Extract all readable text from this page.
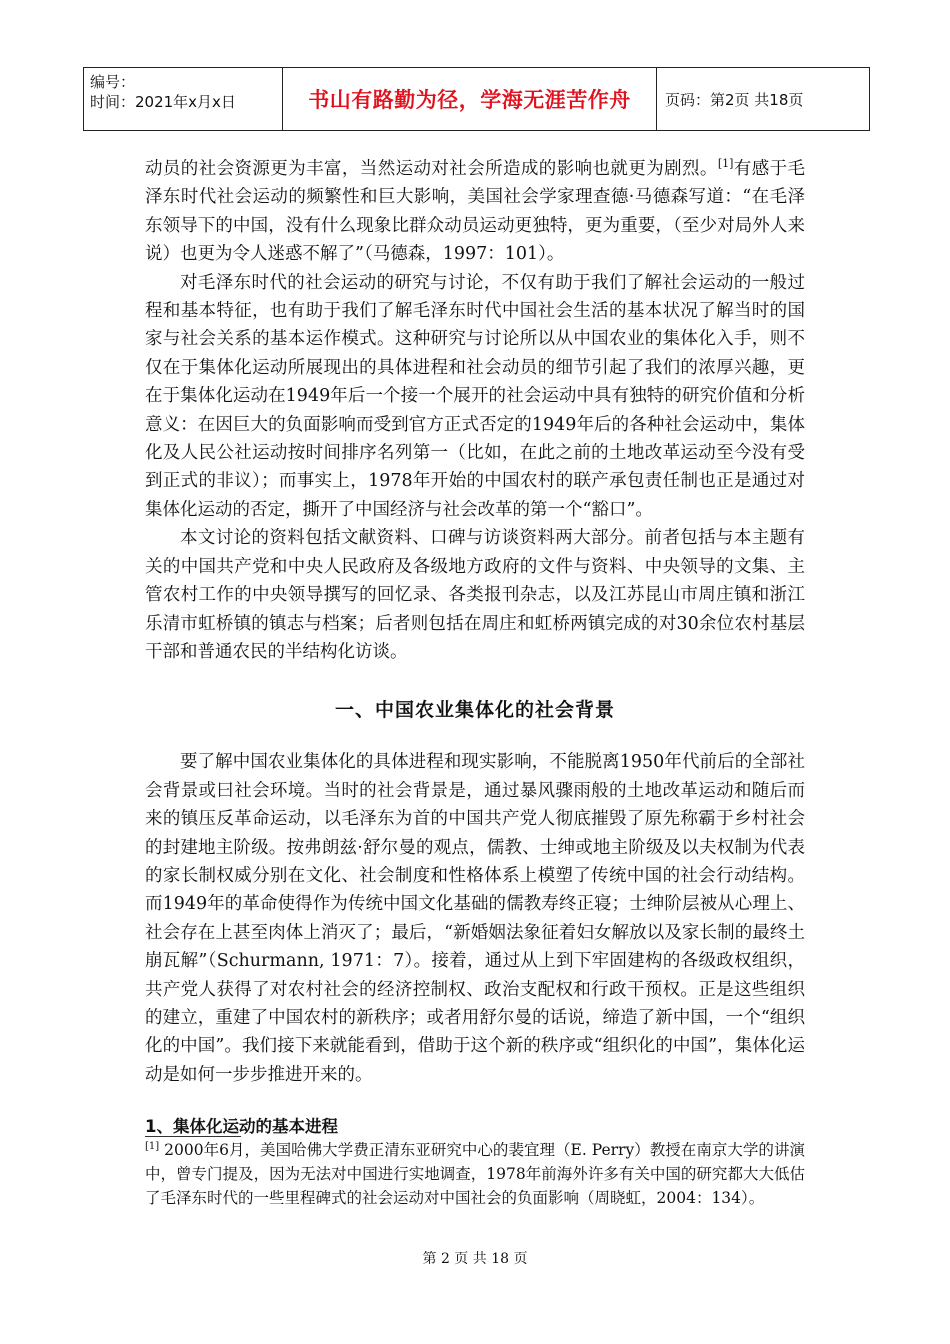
编号：
时间：2021年x月x日	书山有路勤为径，学海无涯苦作舟	页码：第2页 共18页

动员的社会资源更为丰富，当然运动对社会所造成的影响也就更为剧烈。[1]有感于毛泽东时代社会运动的频繁性和巨大影响，美国社会学家理查德·马德森写道：“在毛泽东领导下的中国，没有什么现象比群众动员运动更独特，更为重要，（至少对局外人来说）也更为令人迷惑不解了”（马德森，1997：101）。

对毛泽东时代的社会运动的研究与讨论，不仅有助于我们了解社会运动的一般过程和基本特征，也有助于我们了解毛泽东时代中国社会生活的基本状况了解当时的国家与社会关系的基本运作模式。这种研究与讨论所以从中国农业的集体化入手，则不仅在于集体化运动所展现出的具体进程和社会动员的细节引起了我们的浓厚兴趣，更在于集体化运动在1949年后一个接一个展开的社会运动中具有独特的研究价值和分析意义：在因巨大的负面影响而受到官方正式否定的1949年后的各种社会运动中，集体化及人民公社运动按时间排序名列第一（比如，在此之前的土地改革运动至今没有受到正式的非议）；而事实上，1978年开始的中国农村的联产承包责任制也正是通过对集体化运动的否定，撕开了中国经济与社会改革的第一个“豁口”。

本文讨论的资料包括文献资料、口碑与访谈资料两大部分。前者包括与本主题有关的中国共产党和中央人民政府及各级地方政府的文件与资料、中央领导的文集、主管农村工作的中央领导撰写的回忆录、各类报刊杂志，以及江苏昆山市周庄镇和浙江乐清市虹桥镇的镇志与档案；后者则包括在周庄和虹桥两镇完成的对30余位农村基层干部和普通农民的半结构化访谈。

一、中国农业集体化的社会背景

要了解中国农业集体化的具体进程和现实影响，不能脱离1950年代前后的全部社会背景或曰社会环境。当时的社会背景是，通过暴风骤雨般的土地改革运动和随后而来的镇压反革命运动，以毛泽东为首的中国共产党人彻底摧毁了原先称霸于乡村社会的封建地主阶级。按弗朗兹·舒尔曼的观点，儒教、士绅或地主阶级及以夫权制为代表的家长制权威分别在文化、社会制度和性格体系上模塑了传统中国的社会行动结构。而1949年的革命使得作为传统中国文化基础的儒教寿终正寝；士绅阶层被从心理上、社会存在上甚至肉体上消灭了；最后，“新婚姻法象征着妇女解放以及家长制的最终土崩瓦解”（Schurmann, 1971：7）。接着，通过从上到下牢固建构的各级政权组织，共产党人获得了对农村社会的经济控制权、政治支配权和行政干预权。正是这些组织的建立，重建了中国农村的新秩序；或者用舒尔曼的话说，缔造了新中国，一个“组织化的中国”。我们接下来就能看到，借助于这个新的秩序或“组织化的中国”，集体化运动是如何一步步推进开来的。

1、集体化运动的基本进程
[1] 2000年6月，美国哈佛大学费正清东亚研究中心的裴宜理（E. Perry）教授在南京大学的讲演中，曾专门提及，因为无法对中国进行实地调查，1978年前海外许多有关中国的研究都大大低估了毛泽东时代的一些里程碑式的社会运动对中国社会的负面影响（周晓虹，2004：134）。
第 2 页 共 18 页
